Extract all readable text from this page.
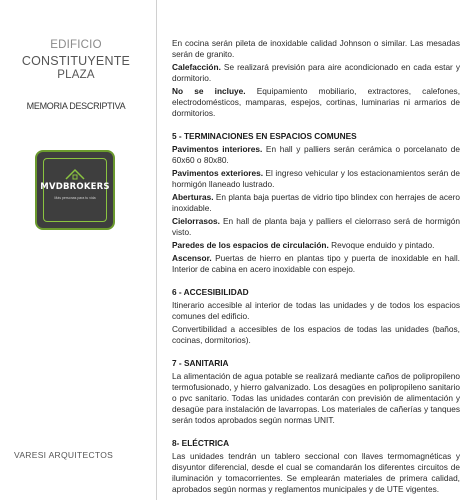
EDIFICIO
CONSTITUYENTE
PLAZA
MEMORIA DESCRIPTIVA
MVDBROKERS
Más personas para tu vida
VARESI ARQUITECTOS

En cocina serán pileta de inoxidable calidad Johnson o similar. Las mesadas serán de granito.

Calefacción. Se realizará previsión para aire acondicionado en cada estar y dormitorio.

No se incluye. Equipamiento mobiliario, extractores, calefones, electrodomésticos, mamparas, espejos, cortinas, luminarias ni armarios de dormitorios.

5 - TERMINACIONES EN ESPACIOS COMUNES

Pavimentos interiores. En hall y palliers serán cerámica o porcelanato de 60x60 o 80x80.

Pavimentos exteriores. El ingreso vehicular y los estacionamientos serán de hormigón llaneado lustrado.

Aberturas. En planta baja puertas de vidrio tipo blindex con herrajes de acero inoxidable.

Cielorrasos. En hall de planta baja y palliers el cielorraso será de hormigón visto.

Paredes de los espacios de circulación. Revoque enduido y pintado.

Ascensor. Puertas de hierro en plantas tipo y puerta de inoxidable en hall. Interior de cabina en acero inoxidable con espejo.

6 - ACCESIBILIDAD

Itinerario accesible al interior de todas las unidades y de todos los espacios comunes del edificio.

Convertibilidad a accesibles de los espacios de todas las unidades (baños, cocinas, dormitorios).

7 - SANITARIA

La alimentación de agua potable se realizará mediante caños de polipropileno termofusionado, y hierro galvanizado. Los desagües en polipropileno sanitario o pvc sanitario. Todas las unidades contarán con previsión de alimentación y desagüe para instalación de lavarropas. Los materiales de cañerías y tanques serán todos aprobados según normas UNIT.

8- ELÉCTRICA

Las unidades tendrán un tablero seccional con llaves termomagnéticas y disyuntor diferencial, desde el cual se comandarán los diferentes circuitos de iluminación y tomacorrientes. Se emplearán materiales de primera calidad, aprobados según normas y reglamentos municipales y de UTE vigentes.
